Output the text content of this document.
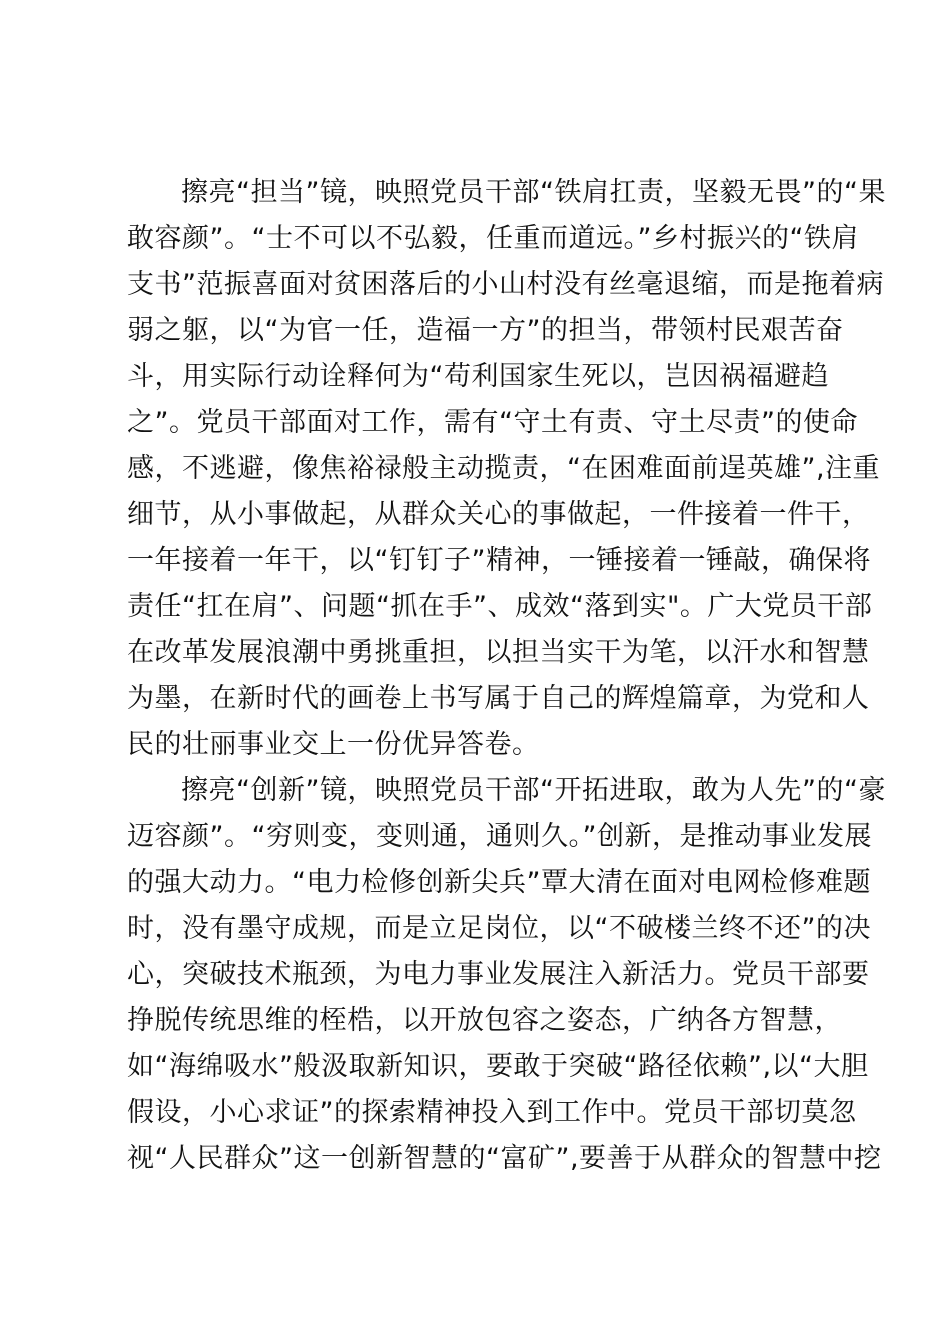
擦亮“担当”镜，映照党员干部“铁肩扛责，坚毅无畏”的“果
敢容颜”。“士不可以不弘毅，任重而道远。”乡村振兴的“铁肩
支书”范振喜面对贫困落后的小山村没有丝毫退缩，而是拖着病
弱之躯，以“为官一任，造福一方”的担当，带领村民艰苦奋
斗，用实际行动诠释何为“苟利国家生死以，岂因祸福避趋
之”。党员干部面对工作，需有“守土有责、守土尽责”的使命
感，不逃避，像焦裕禄般主动揽责，“在困难面前逞英雄”,注重
细节，从小事做起，从群众关心的事做起，一件接着一件干，
一年接着一年干，以“钉钉子”精神，一锤接着一锤敲，确保将
责任“扛在肩”、问题“抓在手”、成效“落到实"。广大党员干部
在改革发展浪潮中勇挑重担，以担当实干为笔，以汗水和智慧
为墨，在新时代的画卷上书写属于自己的辉煌篇章，为党和人
民的壮丽事业交上一份优异答卷。
擦亮“创新”镜，映照党员干部“开拓进取，敢为人先”的“豪
迈容颜”。“穷则变，变则通，通则久。”创新，是推动事业发展
的强大动力。“电力检修创新尖兵”覃大清在面对电网检修难题
时，没有墨守成规，而是立足岗位，以“不破楼兰终不还”的决
心，突破技术瓶颈，为电力事业发展注入新活力。党员干部要
挣脱传统思维的桎梏，以开放包容之姿态，广纳各方智慧，
如“海绵吸水”般汲取新知识，要敢于突破“路径依赖”,以“大胆
假设，小心求证”的探索精神投入到工作中。党员干部切莫忽
视“人民群众”这一创新智慧的“富矿”,要善于从群众的智慧中挖
